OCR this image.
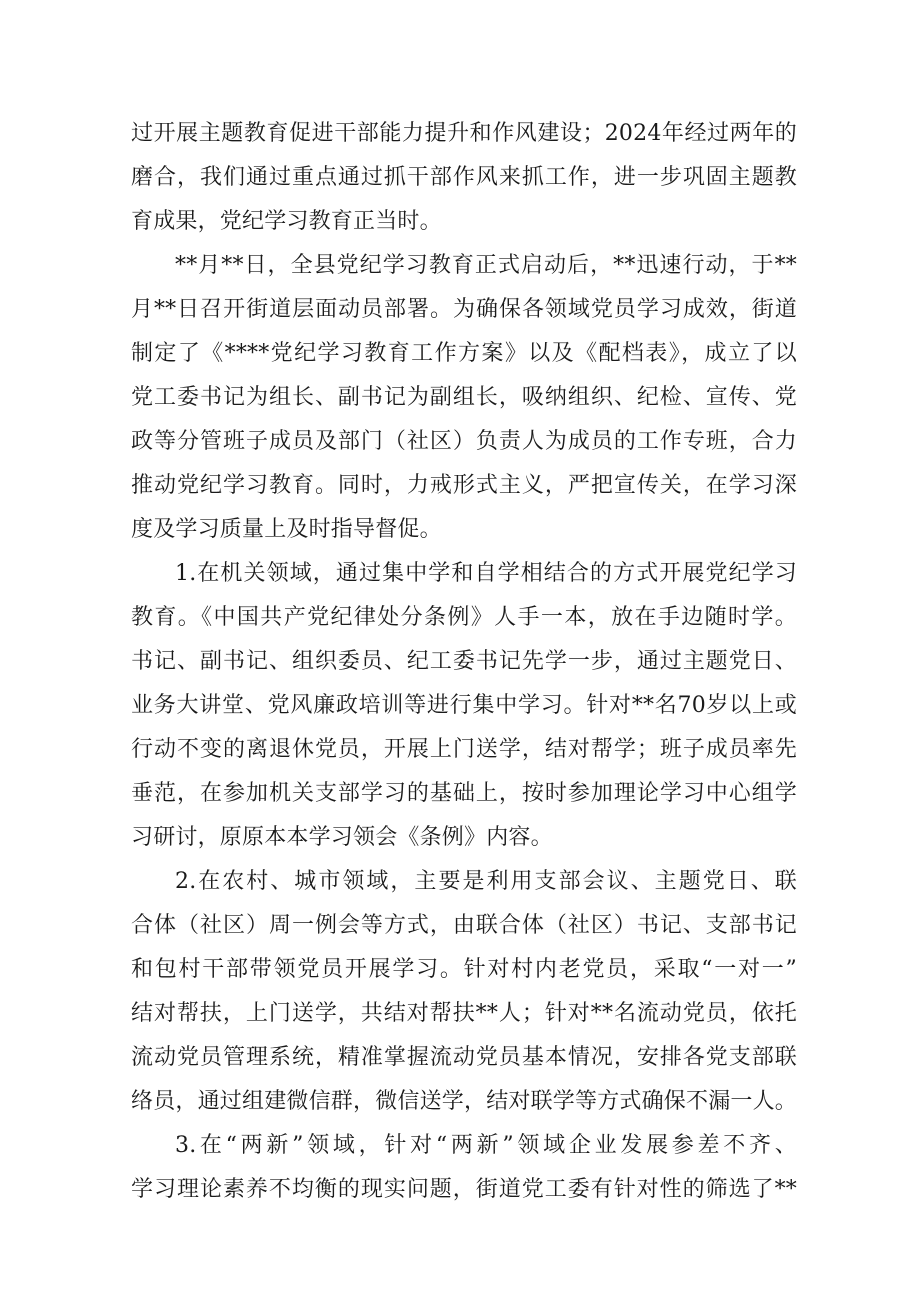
过开展主题教育促进干部能力提升和作风建设；2024年经过两年的
磨合，我们通过重点通过抓干部作风来抓工作，进一步巩固主题教
育成果，党纪学习教育正当时。
**月**日，全县党纪学习教育正式启动后，**迅速行动，于**
月**日召开街道层面动员部署。为确保各领域党员学习成效，街道
制定了《****党纪学习教育工作方案》以及《配档表》，成立了以
党工委书记为组长、副书记为副组长，吸纳组织、纪检、宣传、党
政等分管班子成员及部门（社区）负责人为成员的工作专班，合力
推动党纪学习教育。同时，力戒形式主义，严把宣传关，在学习深
度及学习质量上及时指导督促。
1.在机关领域，通过集中学和自学相结合的方式开展党纪学习
教育。《中国共产党纪律处分条例》人手一本，放在手边随时学。
书记、副书记、组织委员、纪工委书记先学一步，通过主题党日、
业务大讲堂、党风廉政培训等进行集中学习。针对**名70岁以上或
行动不变的离退休党员，开展上门送学，结对帮学；班子成员率先
垂范，在参加机关支部学习的基础上，按时参加理论学习中心组学
习研讨，原原本本学习领会《条例》内容。
2.在农村、城市领域，主要是利用支部会议、主题党日、联
合体（社区）周一例会等方式，由联合体（社区）书记、支部书记
和包村干部带领党员开展学习。针对村内老党员，采取“一对一”
结对帮扶，上门送学，共结对帮扶**人；针对**名流动党员，依托
流动党员管理系统，精准掌握流动党员基本情况，安排各党支部联
络员，通过组建微信群，微信送学，结对联学等方式确保不漏一人。
3.在“两新”领域，针对“两新”领域企业发展参差不齐、
学习理论素养不均衡的现实问题，街道党工委有针对性的筛选了**
